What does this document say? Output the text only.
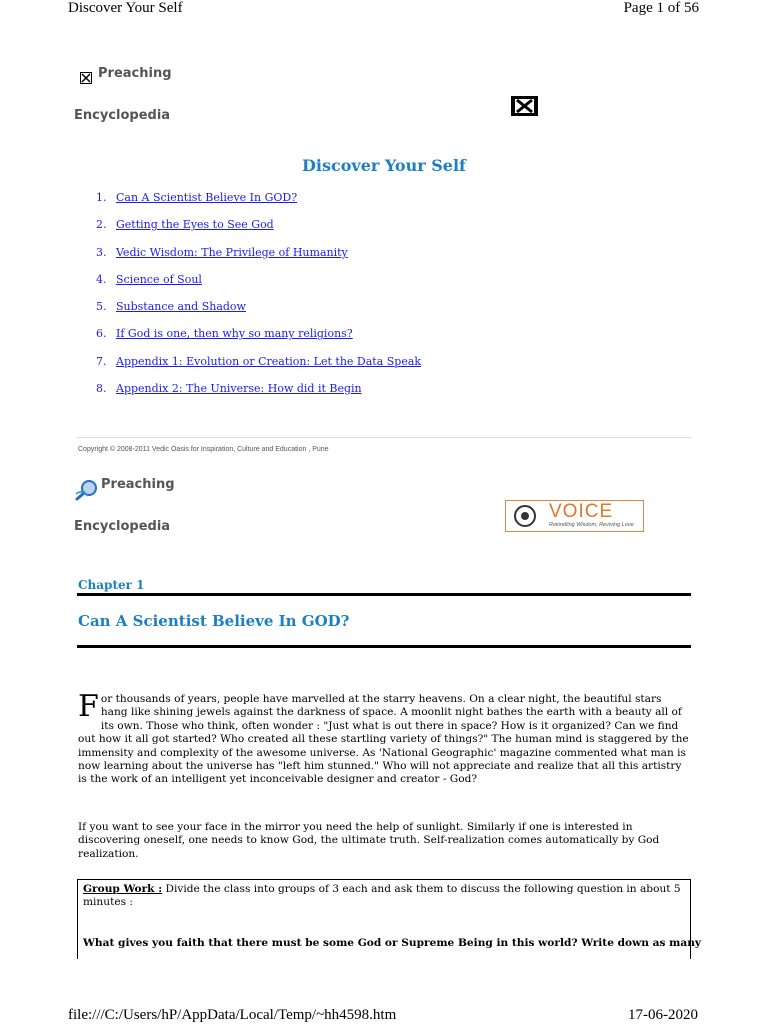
Discover Your Self	Page 1 of 56
Preaching
Encyclopedia
Discover Your Self
1. Can A Scientist Believe In GOD?
2. Getting the Eyes to See God
3. Vedic Wisdom: The Privilege of Humanity
4. Science of Soul
5. Substance and Shadow
6. If God is one, then why so many religions?
7. Appendix 1: Evolution or Creation: Let the Data Speak
8. Appendix 2: The Universe: How did it Begin
Copyright © 2008-2011 Vedic Oasis for Inspiration, Culture and Education , Pune
Preaching
Encyclopedia
VOICE
Rekindling Wisdom, Reviving Love
Chapter 1
Can A Scientist Believe In GOD?
For thousands of years, people have marvelled at the starry heavens. On a clear night, the beautiful stars hang like shining jewels against the darkness of space. A moonlit night bathes the earth with a beauty all of its own. Those who think, often wonder : "Just what is out there in space? How is it organized? Can we find out how it all got started? Who created all these startling variety of things?" The human mind is staggered by the immensity and complexity of the awesome universe. As 'National Geographic' magazine commented what man is now learning about the universe has "left him stunned." Who will not appreciate and realize that all this artistry is the work of an intelligent yet inconceivable designer and creator - God?
If you want to see your face in the mirror you need the help of sunlight. Similarly if one is interested in discovering oneself, one needs to know God, the ultimate truth. Self-realization comes automatically by God realization.
Group Work : Divide the class into groups of 3 each and ask them to discuss the following question in about 5 minutes :
What gives you faith that there must be some God or Supreme Being in this world? Write down as many
file:///C:/Users/hP/AppData/Local/Temp/~hh4598.htm	17-06-2020
